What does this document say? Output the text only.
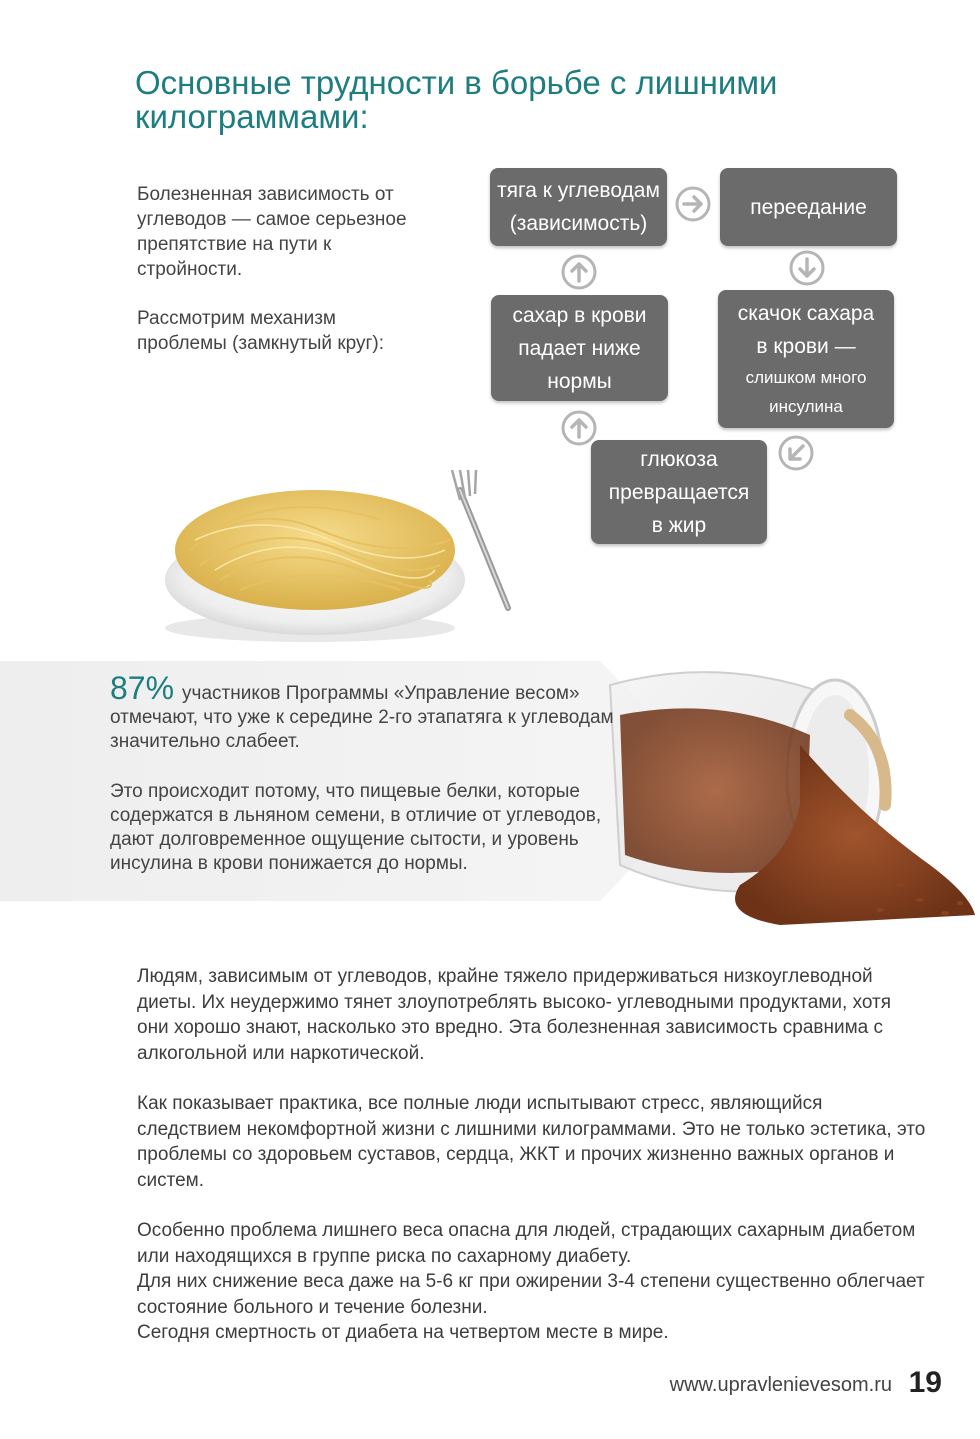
Основные трудности в борьбе с лишними килограммами:

Болезненная зависимость от углеводов — самое серьезное препятствие на пути к стройности.

Рассмотрим механизм проблемы (замкнутый круг):

тяга к углеводам
(зависимость)
переедание
скачок сахара
в крови —
слишком много
инсулина
глюкоза
превращается
в жир
сахар в крови
падает ниже
нормы

87% участников Программы «Управление весом» отмечают, что уже к середине 2-го этапатяга к углеводам значительно слабеет.

Это происходит потому, что пищевые белки, которые содержатся в льняном семени, в отличие от углеводов, дают долговременное ощущение сытости, и уровень инсулина в крови понижается до нормы.

Людям, зависимым от углеводов, крайне тяжело придерживаться низкоуглеводной диеты. Их неудержимо тянет злоупотреблять высоко- углеводными продуктами, хотя они хорошо знают, насколько это вредно. Эта болезненная зависимость сравнима с алкогольной или наркотической.

Как показывает практика, все полные люди испытывают стресс, являющийся следствием некомфортной жизни с лишними килограммами. Это не только эстетика, это проблемы со здоровьем суставов, сердца, ЖКТ и прочих жизненно важных органов и систем.

Особенно проблема лишнего веса опасна для людей, страдающих сахарным диабетом или находящихся в группе риска по сахарному диабету.
Для них снижение веса даже на 5-6 кг при ожирении 3-4 степени существенно облегчает состояние больного и течение болезни.
Сегодня смертность от диабета на четвертом месте в мире.

www.upravlenievesom.ru 19
